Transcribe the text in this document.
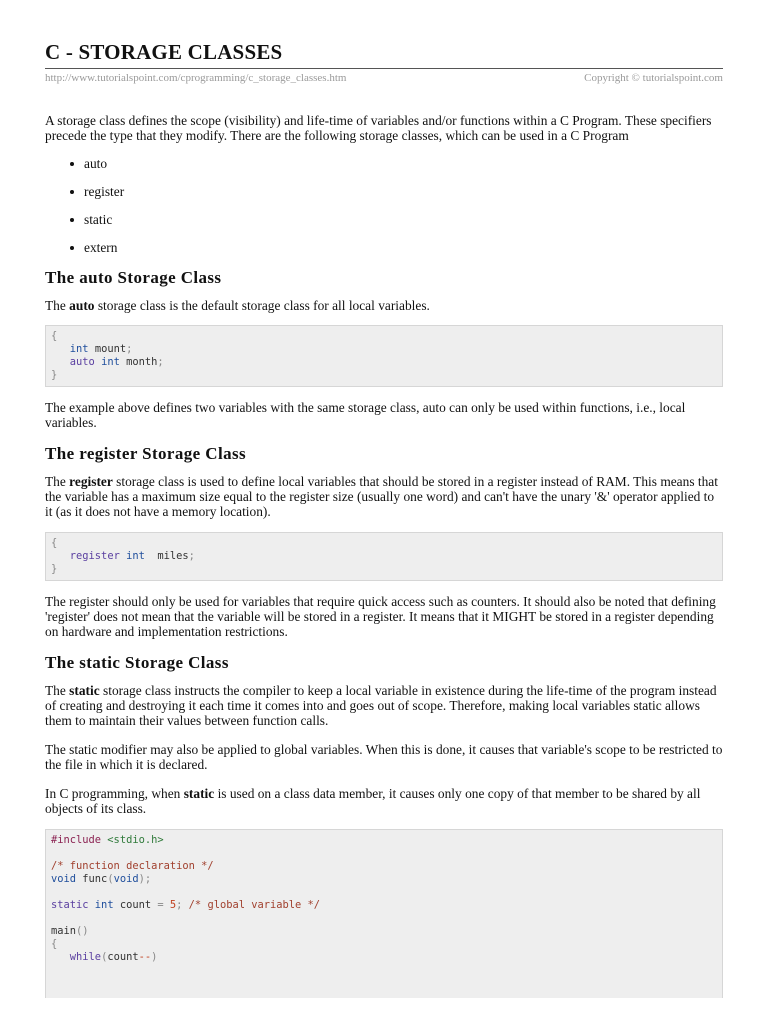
C - STORAGE CLASSES
http://www.tutorialspoint.com/cprogramming/c_storage_classes.htm	Copyright © tutorialspoint.com

A storage class defines the scope (visibility) and life-time of variables and/or functions within a C Program. These specifiers precede the type that they modify. There are the following storage classes, which can be used in a C Program

auto
register
static
extern
The auto Storage Class

The auto storage class is the default storage class for all local variables.

{
int mount;
auto int month;
}

The example above defines two variables with the same storage class, auto can only be used within functions, i.e., local variables.

The register Storage Class

The register storage class is used to define local variables that should be stored in a register instead of RAM. This means that the variable has a maximum size equal to the register size (usually one word) and can't have the unary '&' operator applied to it (as it does not have a memory location).

{
register int  miles;
}

The register should only be used for variables that require quick access such as counters. It should also be noted that defining 'register' does not mean that the variable will be stored in a register. It means that it MIGHT be stored in a register depending on hardware and implementation restrictions.

The static Storage Class

The static storage class instructs the compiler to keep a local variable in existence during the life-time of the program instead of creating and destroying it each time it comes into and goes out of scope. Therefore, making local variables static allows them to maintain their values between function calls.

The static modifier may also be applied to global variables. When this is done, it causes that variable's scope to be restricted to the file in which it is declared.

In C programming, when static is used on a class data member, it causes only one copy of that member to be shared by all objects of its class.

#include <stdio.h>

/* function declaration */
void func(void);

static int count = 5; /* global variable */

main()
{
while(count--)
